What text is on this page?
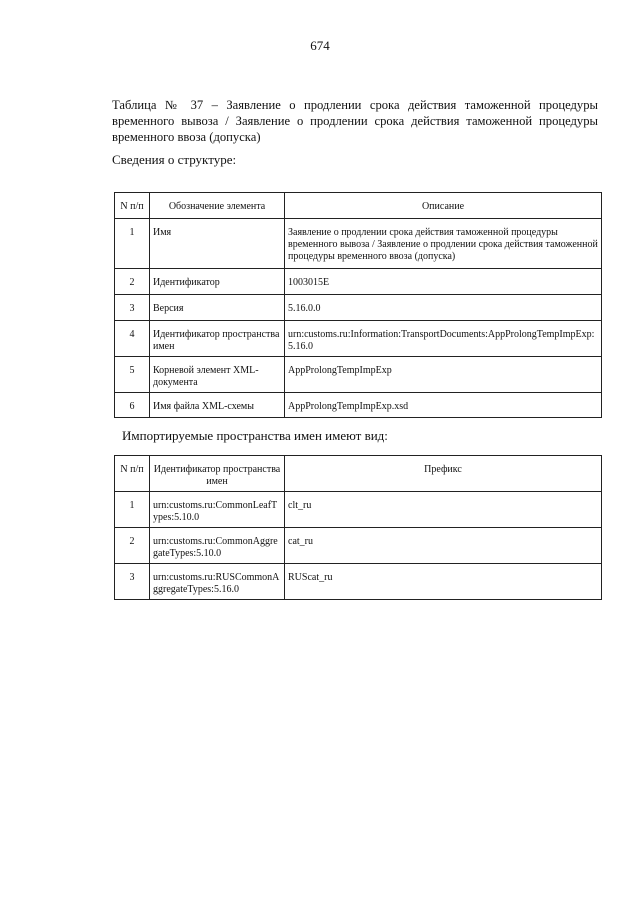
674
Таблица № 37 – Заявление о продлении срока действия таможенной процедуры временного вывоза / Заявление о продлении срока действия таможенной процедуры временного ввоза (допуска)
Сведения о структуре:
N п/п	Обозначение элемента	Описание
1	Имя	Заявление о продлении срока действия таможенной процедуры временного вывоза / Заявление о продлении срока действия таможенной процедуры временного ввоза (допуска)
2	Идентификатор	1003015E
3	Версия	5.16.0.0
4	Идентификатор пространства имен	urn:customs.ru:Information:TransportDocuments:AppProlongTempImpExp:5.16.0
5	Корневой элемент XML-документа	AppProlongTempImpExp
6	Имя файла XML-схемы	AppProlongTempImpExp.xsd
Импортируемые пространства имен имеют вид:
N п/п	Идентификатор пространства имен	Префикс
1	urn:customs.ru:CommonLeafTypes:5.10.0	clt_ru
2	urn:customs.ru:CommonAggregateTypes:5.10.0	cat_ru
3	urn:customs.ru:RUSCommonAggregateTypes:5.16.0	RUScat_ru
